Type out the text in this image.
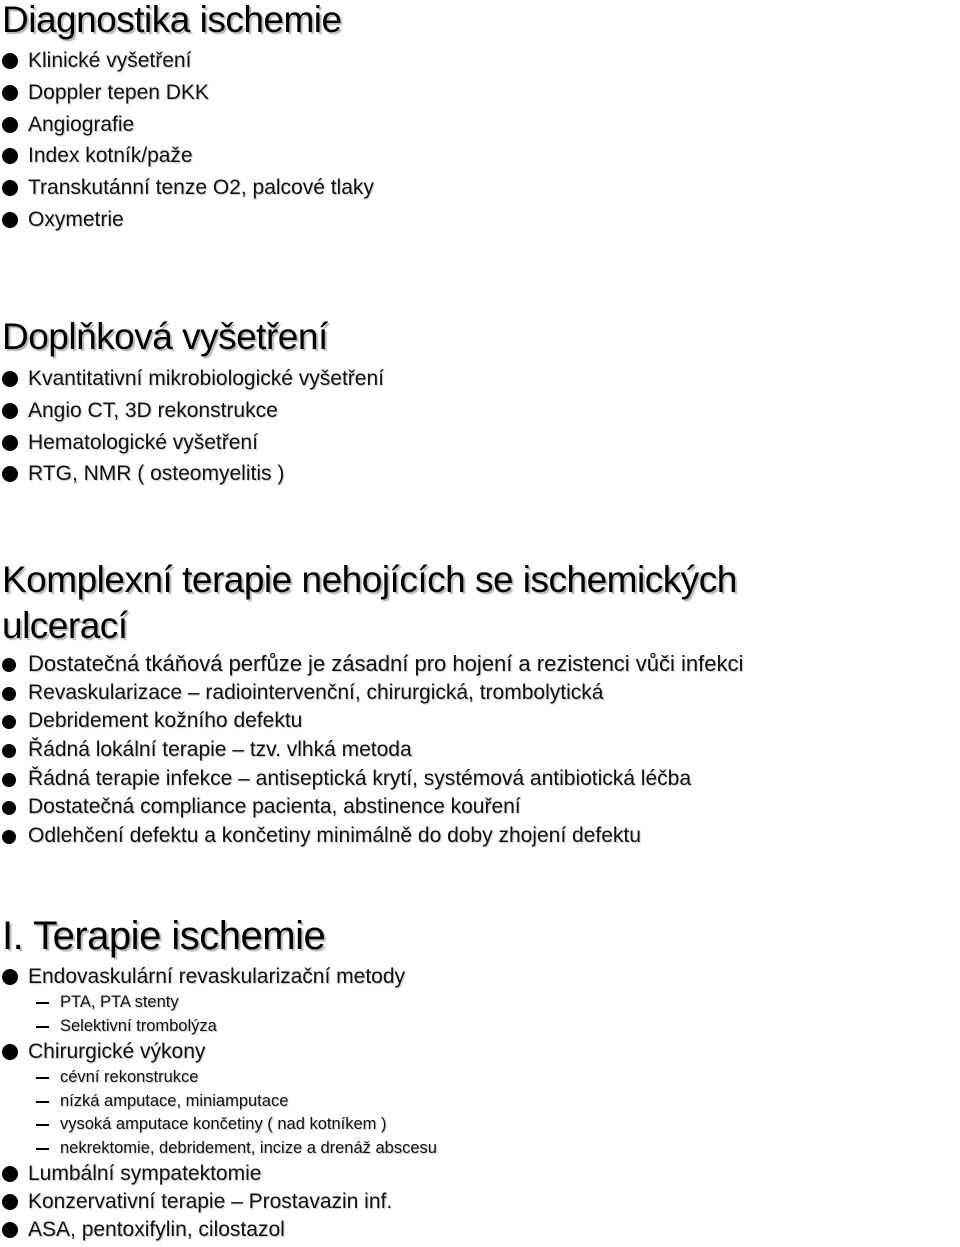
Diagnostika ischemie
Klinické vyšetření
Doppler tepen DKK
Angiografie
Index kotník/paže
Transkutánní tenze O2, palcové tlaky
Oxymetrie
Doplňková vyšetření
Kvantitativní mikrobiologické vyšetření
Angio CT, 3D rekonstrukce
Hematologické vyšetření
RTG, NMR ( osteomyelitis )
Komplexní terapie nehojících se ischemických
ulcerací
Dostatečná tkáňová perfůze je zásadní pro hojení a rezistenci vůči infekci
Revaskularizace – radiointervenční, chirurgická, trombolytická
Debridement kožního defektu
Řádná lokální terapie – tzv. vlhká metoda
Řádná terapie infekce – antiseptická krytí, systémová antibiotická léčba
Dostatečná compliance pacienta, abstinence kouření
Odlehčení defektu a končetiny minimálně do doby zhojení defektu
I. Terapie ischemie
Endovaskulární revaskularizační metody
PTA, PTA stenty
Selektivní trombolýza
Chirurgické výkony
cévní rekonstrukce
nízká amputace, miniamputace
vysoká amputace končetiny ( nad kotníkem )
nekrektomie, debridement, incize a drenáž abscesu
Lumbální sympatektomie
Konzervativní terapie – Prostavazin inf.
ASA, pentoxifylin, cilostazol
